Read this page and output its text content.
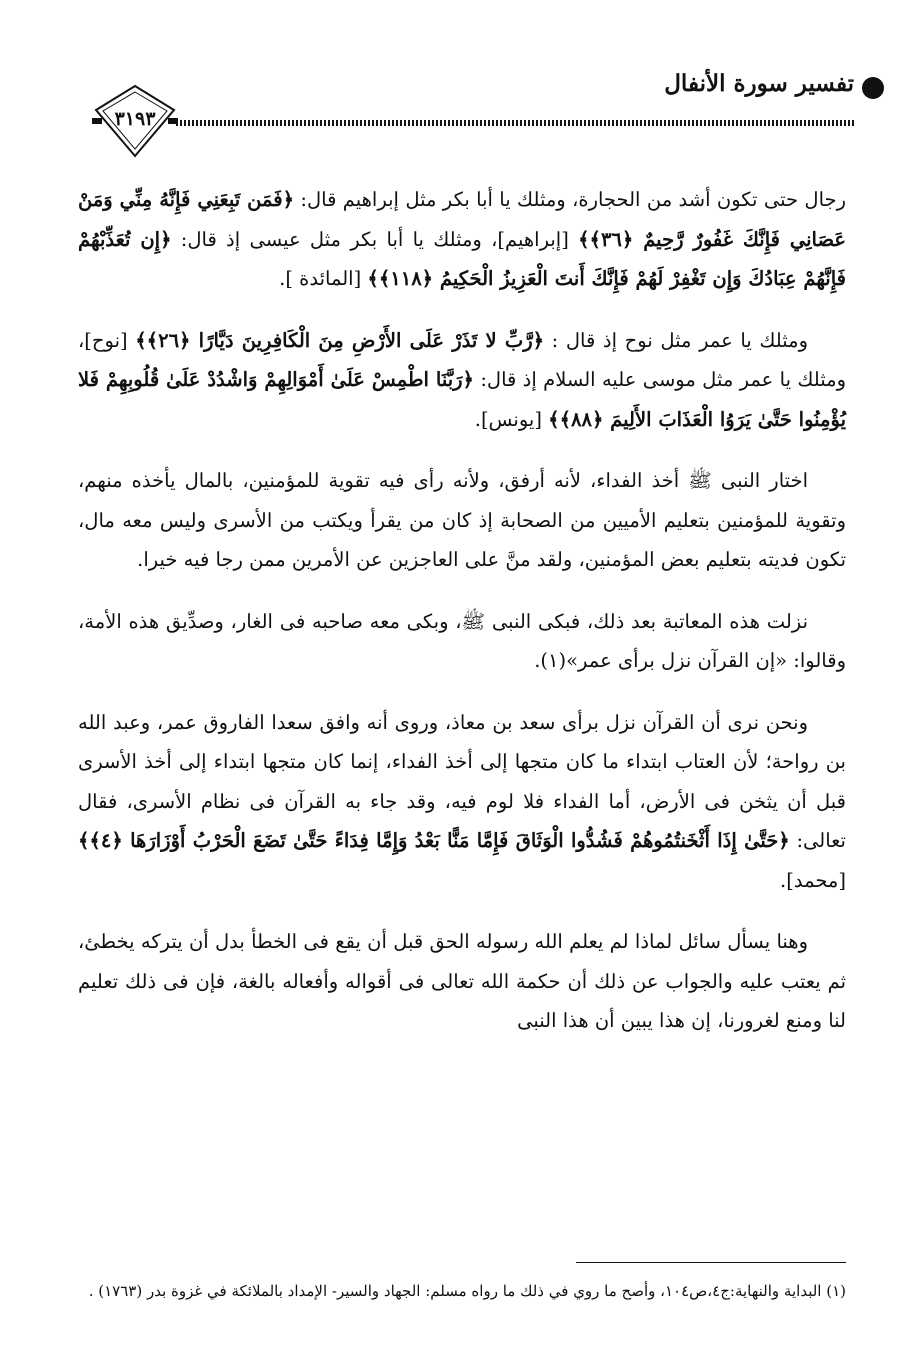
تفسير سورة الأنفال
٣١٩٣

رجال حتى تكون أشد من الحجارة، ومثلك يا أبا بكر مثل إبراهيم قال: ﴿فَمَن تَبِعَنِي فَإِنَّهُ مِنِّي وَمَنْ عَصَانِي فَإِنَّكَ غَفُورٌ رَّحِيمٌ ﴿٣٦﴾﴾ [إبراهيم]، ومثلك يا أبا بكر مثل عيسى إذ قال: ﴿إِن تُعَذِّبْهُمْ فَإِنَّهُمْ عِبَادُكَ وَإِن تَغْفِرْ لَهُمْ فَإِنَّكَ أَنتَ الْعَزِيزُ الْحَكِيمُ ﴿١١٨﴾﴾ [المائدة ].

ومثلك يا عمر مثل نوح إذ قال : ﴿رَّبِّ لا تَذَرْ عَلَى الأَرْضِ مِنَ الْكَافِرِينَ دَيَّارًا ﴿٢٦﴾﴾ [نوح]، ومثلك يا عمر مثل موسى عليه السلام إذ قال: ﴿رَبَّنَا اطْمِسْ عَلَىٰ أَمْوَالِهِمْ وَاشْدُدْ عَلَىٰ قُلُوبِهِمْ فَلا يُؤْمِنُوا حَتَّىٰ يَرَوُا الْعَذَابَ الأَلِيمَ ﴿٨٨﴾﴾ [يونس].

اختار النبى ﷺ أخذ الفداء، لأنه أرفق، ولأنه رأى فيه تقوية للمؤمنين، بالمال يأخذه منهم، وتقوية للمؤمنين بتعليم الأميين من الصحابة إذ كان من يقرأ ويكتب من الأسرى وليس معه مال، تكون فديته بتعليم بعض المؤمنين، ولقد منَّ على العاجزين عن الأمرين ممن رجا فيه خيرا.

نزلت هذه المعاتبة بعد ذلك، فبكى النبى ﷺ، وبكى معه صاحبه فى الغار، وصدِّيق هذه الأمة، وقالوا: «إن القرآن نزل برأى عمر»(١).

ونحن نرى أن القرآن نزل برأى سعد بن معاذ، وروى أنه وافق سعدا الفاروق عمر، وعبد الله بن رواحة؛ لأن العتاب ابتداء ما كان متجها إلى أخذ الفداء، إنما كان متجها ابتداء إلى أخذ الأسرى قبل أن يثخن فى الأرض، أما الفداء فلا لوم فيه، وقد جاء به القرآن فى نظام الأسرى، فقال تعالى: ﴿حَتَّىٰ إِذَا أَثْخَنتُمُوهُمْ فَشُدُّوا الْوَثَاقَ فَإِمَّا مَنًّا بَعْدُ وَإِمَّا فِدَاءً حَتَّىٰ تَضَعَ الْحَرْبُ أَوْزَارَهَا ﴿٤﴾﴾ [محمد].

وهنا يسأل سائل لماذا لم يعلم الله رسوله الحق قبل أن يقع فى الخطأ بدل أن يتركه يخطئ، ثم يعتب عليه والجواب عن ذلك أن حكمة الله تعالى فى أقواله وأفعاله بالغة، فإن فى ذلك تعليم لنا ومنع لغرورنا، إن هذا يبين أن هذا النبى

(١) البداية والنهاية:ج٤،ص١٠٤، وأصح ما روي في ذلك ما رواه مسلم: الجهاد والسير- الإمداد بالملائكة في غزوة بدر (١٧٦٣) .
